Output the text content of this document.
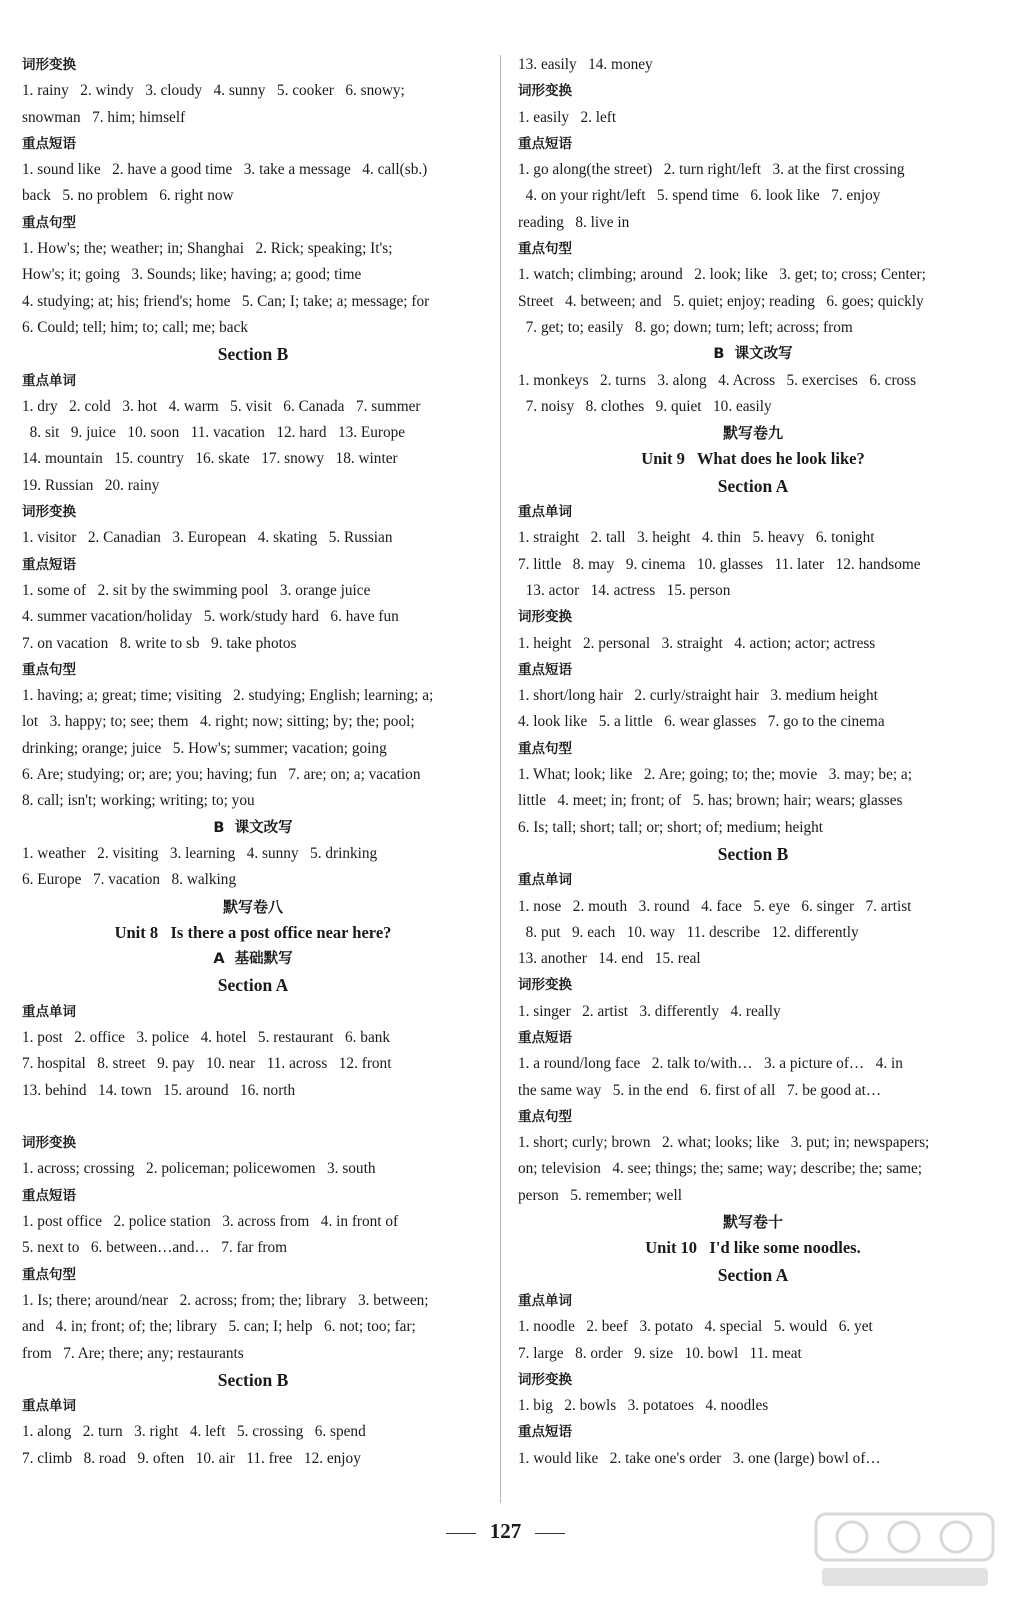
词形变换
1. rainy   2. windy   3. cloudy   4. sunny   5. cooker   6. snowy;
snowman   7. him; himself
重点短语
1. sound like   2. have a good time   3. take a message   4. call(sb.)
back   5. no problem   6. right now
重点句型
1. How's; the; weather; in; Shanghai   2. Rick; speaking; It's;
How's; it; going   3. Sounds; like; having; a; good; time
4. studying; at; his; friend's; home   5. Can; I; take; a; message; for
6. Could; tell; him; to; call; me; back
Section B
重点单词
1. dry   2. cold   3. hot   4. warm   5. visit   6. Canada   7. summer
8. sit   9. juice   10. soon   11. vacation   12. hard   13. Europe
14. mountain   15. country   16. skate   17. snowy   18. winter
19. Russian   20. rainy
词形变换
1. visitor   2. Canadian   3. European   4. skating   5. Russian
重点短语
1. some of   2. sit by the swimming pool   3. orange juice
4. summer vacation/holiday   5. work/study hard   6. have fun
7. on vacation   8. write to sb   9. take photos
重点句型
1. having; a; great; time; visiting   2. studying; English; learning; a;
lot   3. happy; to; see; them   4. right; now; sitting; by; the; pool;
drinking; orange; juice   5. How's; summer; vacation; going
6. Are; studying; or; are; you; having; fun   7. are; on; a; vacation
8. call; isn't; working; writing; to; you
B  课文改写
1. weather   2. visiting   3. learning   4. sunny   5. drinking
6. Europe   7. vacation   8. walking
默写卷八
Unit 8   Is there a post office near here?
A  基础默写
Section A
重点单词
1. post   2. office   3. police   4. hotel   5. restaurant   6. bank
7. hospital   8. street   9. pay   10. near   11. across   12. front
13. behind   14. town   15. around   16. north
词形变换
1. across; crossing   2. policeman; policewomen   3. south
重点短语
1. post office   2. police station   3. across from   4. in front of
5. next to   6. between…and…   7. far from
重点句型
1. Is; there; around/near   2. across; from; the; library   3. between;
and   4. in; front; of; the; library   5. can; I; help   6. not; too; far;
from   7. Are; there; any; restaurants
Section B
重点单词
1. along   2. turn   3. right   4. left   5. crossing   6. spend
7. climb   8. road   9. often   10. air   11. free   12. enjoy
13. easily   14. money
词形变换
1. easily   2. left
重点短语
1. go along(the street)   2. turn right/left   3. at the first crossing
4. on your right/left   5. spend time   6. look like   7. enjoy
reading   8. live in
重点句型
1. watch; climbing; around   2. look; like   3. get; to; cross; Center;
Street   4. between; and   5. quiet; enjoy; reading   6. goes; quickly
7. get; to; easily   8. go; down; turn; left; across; from
B  课文改写
1. monkeys   2. turns   3. along   4. Across   5. exercises   6. cross
7. noisy   8. clothes   9. quiet   10. easily
默写卷九
Unit 9   What does he look like?
Section A
重点单词
1. straight   2. tall   3. height   4. thin   5. heavy   6. tonight
7. little   8. may   9. cinema   10. glasses   11. later   12. handsome
13. actor   14. actress   15. person
词形变换
1. height   2. personal   3. straight   4. action; actor; actress
重点短语
1. short/long hair   2. curly/straight hair   3. medium height
4. look like   5. a little   6. wear glasses   7. go to the cinema
重点句型
1. What; look; like   2. Are; going; to; the; movie   3. may; be; a;
little   4. meet; in; front; of   5. has; brown; hair; wears; glasses
6. Is; tall; short; tall; or; short; of; medium; height
Section B
重点单词
1. nose   2. mouth   3. round   4. face   5. eye   6. singer   7. artist
8. put   9. each   10. way   11. describe   12. differently
13. another   14. end   15. real
词形变换
1. singer   2. artist   3. differently   4. really
重点短语
1. a round/long face   2. talk to/with…   3. a picture of…   4. in
the same way   5. in the end   6. first of all   7. be good at…
重点句型
1. short; curly; brown   2. what; looks; like   3. put; in; newspapers;
on; television   4. see; things; the; same; way; describe; the; same;
person   5. remember; well
默写卷十
Unit 10   I'd like some noodles.
Section A
重点单词
1. noodle   2. beef   3. potato   4. special   5. would   6. yet
7. large   8. order   9. size   10. bowl   11. meat
词形变换
1. big   2. bowls   3. potatoes   4. noodles
重点短语
1. would like   2. take one's order   3. one (large) bowl of…
127
